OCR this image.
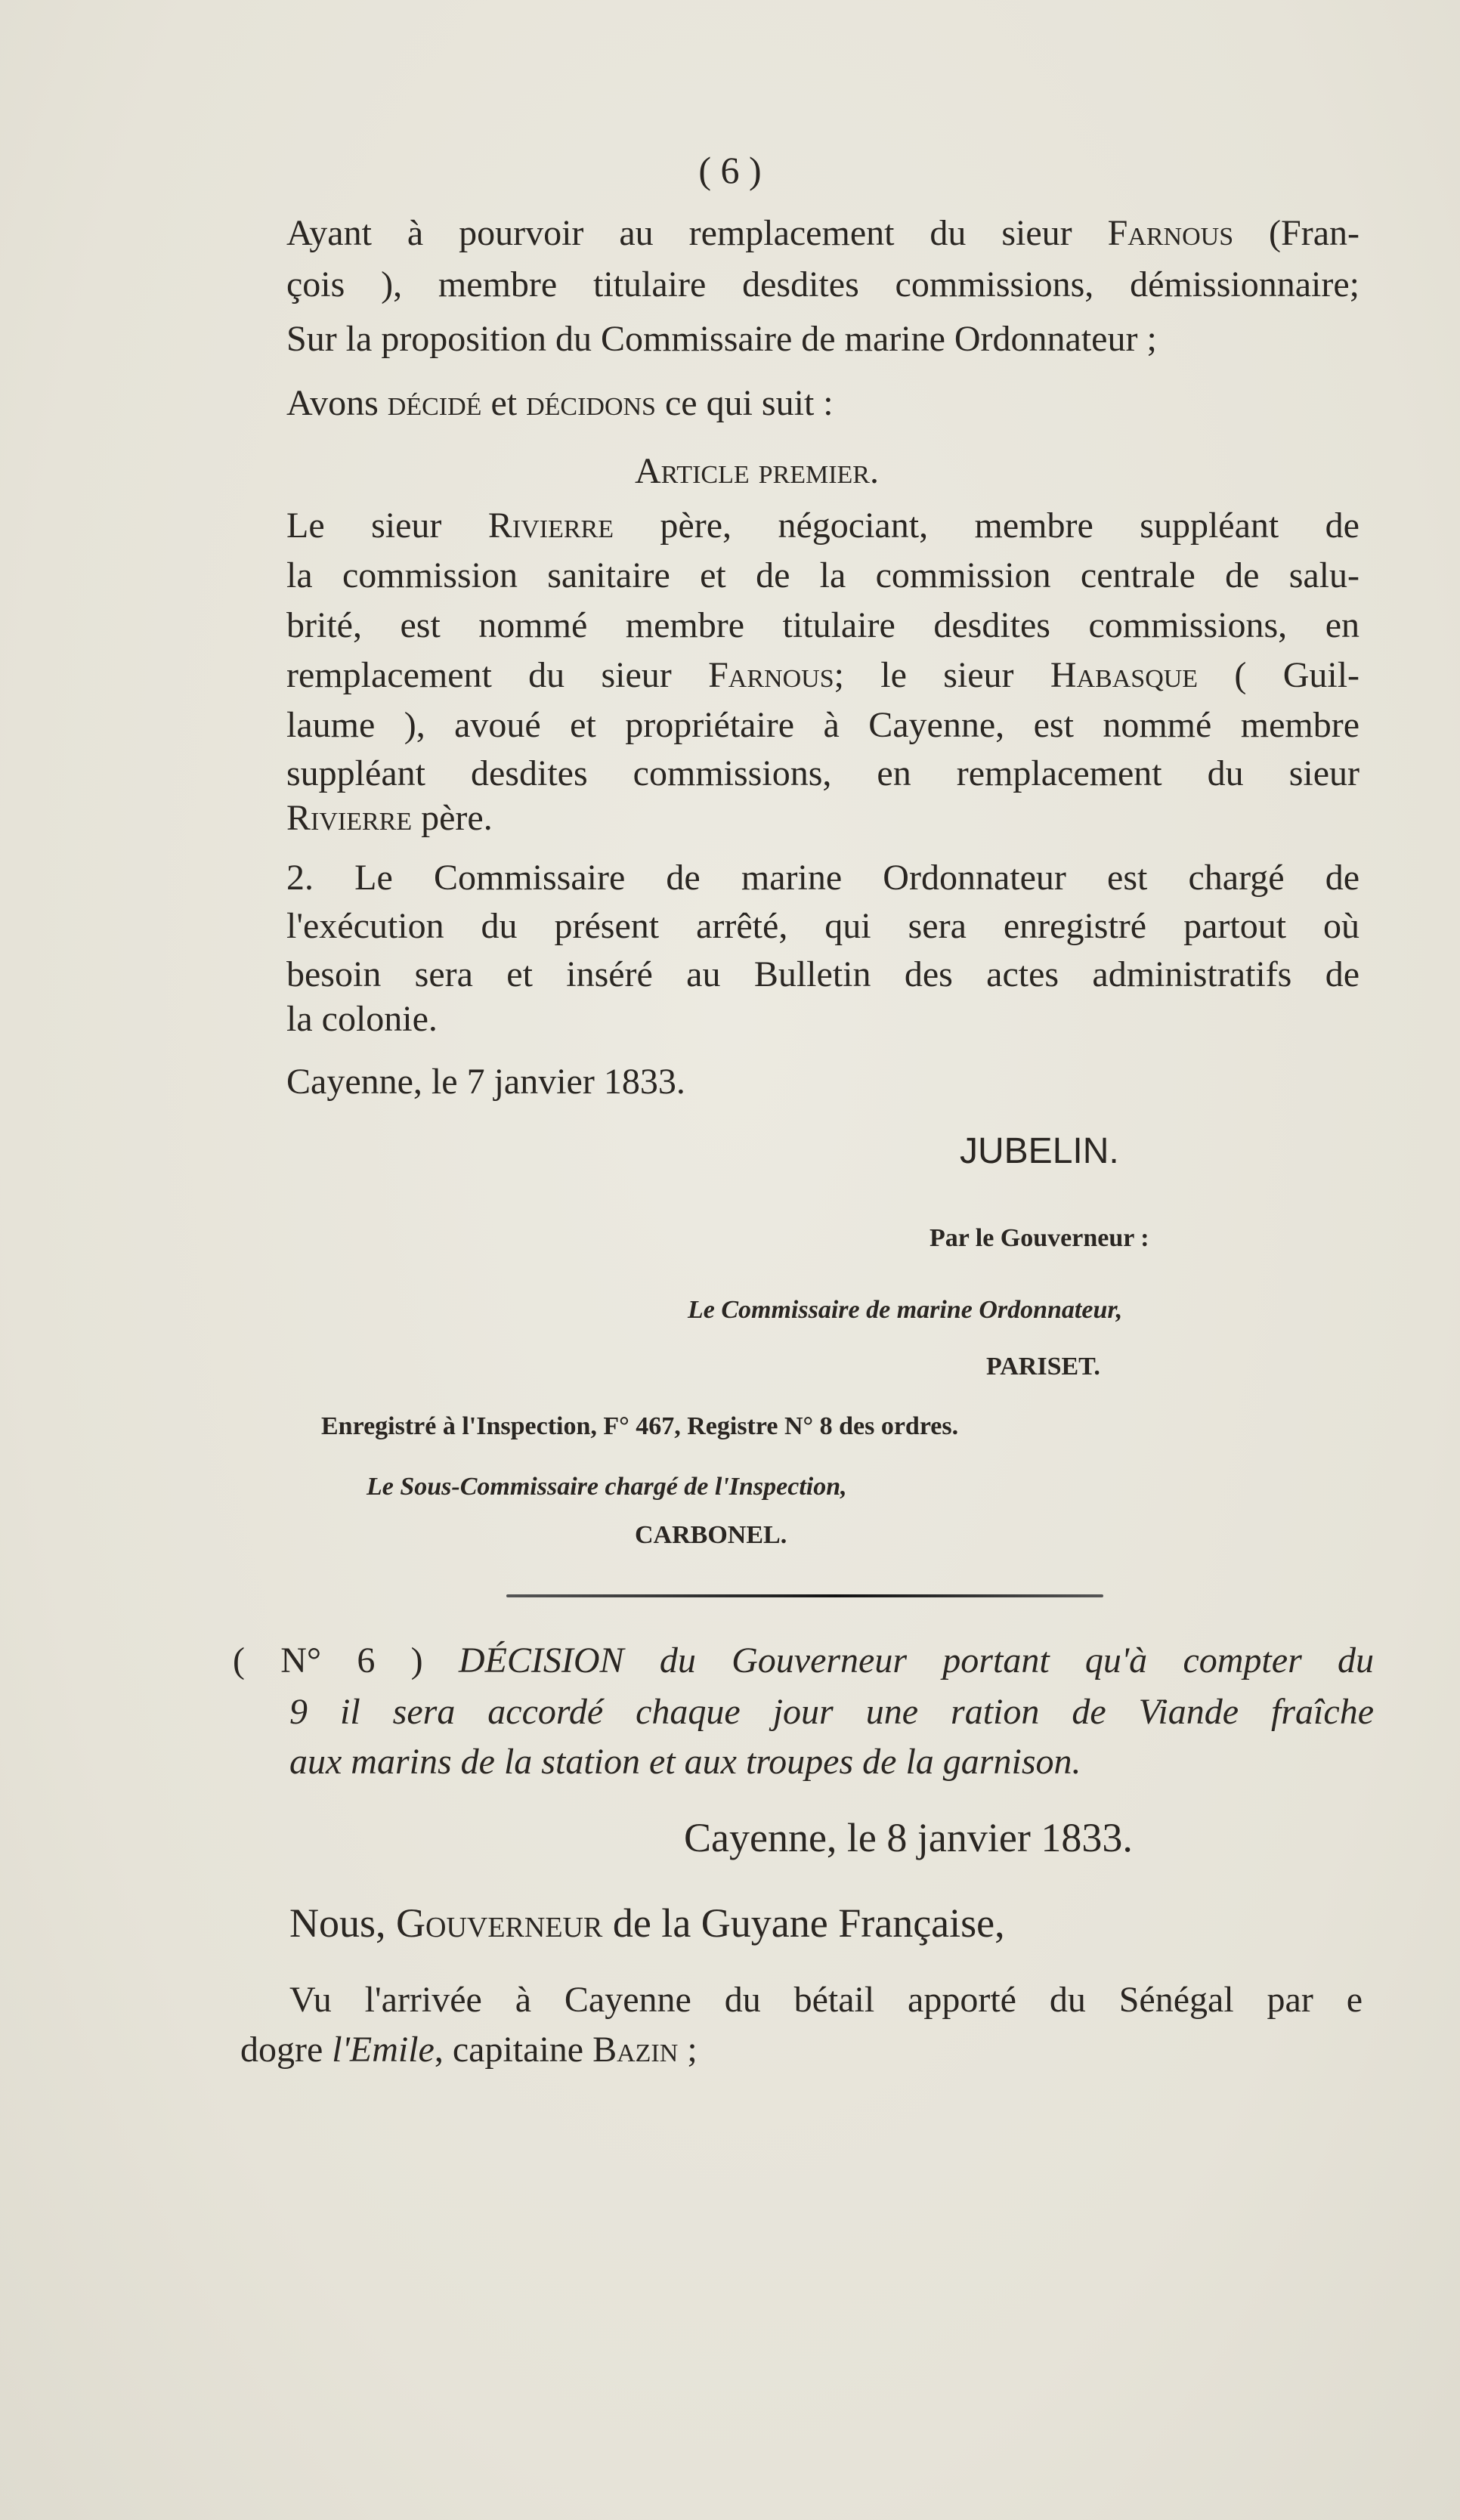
( 6 )
Ayant à pourvoir au remplacement du sieur Farnous (Fran-
çois ), membre titulaire desdites commissions, démissionnaire;
Sur la proposition du Commissaire de marine Ordonnateur ;
Avons décidé et décidons ce qui suit :
Article premier.
Le sieur Rivierre père, négociant, membre suppléant de
la commission sanitaire et de la commission centrale de salu-
brité, est nommé membre titulaire desdites commissions, en
remplacement du sieur Farnous; le sieur Habasque ( Guil-
laume ), avoué et propriétaire à Cayenne, est nommé membre
suppléant desdites commissions, en remplacement du sieur
Rivierre père.
2. Le Commissaire de marine Ordonnateur est chargé de
l'exécution du présent arrêté, qui sera enregistré partout où
besoin sera et inséré au Bulletin des actes administratifs de
la colonie.
Cayenne, le 7 janvier 1833.
JUBELIN.
Par le Gouverneur :
Le Commissaire de marine Ordonnateur,
PARISET.
Enregistré à l'Inspection, F° 467, Registre N° 8 des ordres.
Le Sous-Commissaire chargé de l'Inspection,
CARBONEL.
( N° 6 ) DÉCISION du Gouverneur portant qu'à compter du
9 il sera accordé chaque jour une ration de Viande fraîche
aux marins de la station et aux troupes de la garnison.
Cayenne, le 8 janvier 1833.
Nous, Gouverneur de la Guyane Française,
Vu l'arrivée à Cayenne du bétail apporté du Sénégal par e
dogre l'Emile, capitaine Bazin ;
